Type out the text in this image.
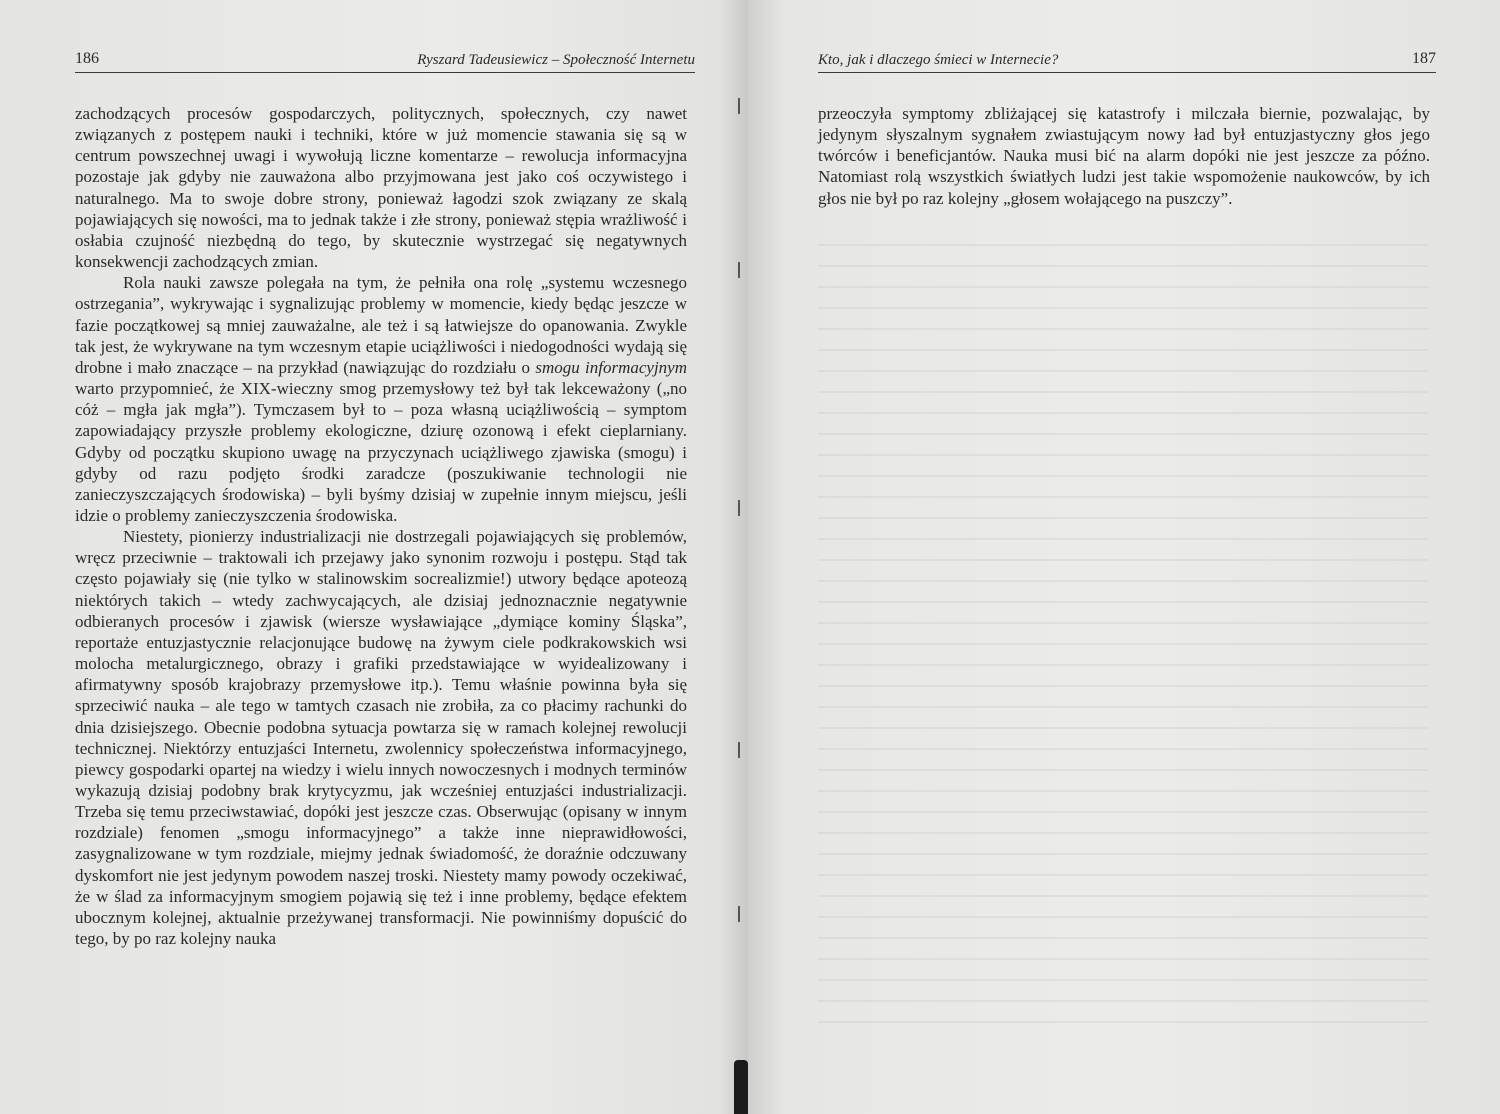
186	Ryszard Tadeusiewicz – Społeczność Internetu

zachodzących procesów gospodarczych, politycznych, społecznych, czy nawet związanych z postępem nauki i techniki, które w już momencie stawania się są w centrum powszechnej uwagi i wywołują liczne komentarze – rewolucja informacyjna pozostaje jak gdyby nie zauważona albo przyjmowana jest jako coś oczywistego i naturalnego. Ma to swoje dobre strony, ponieważ łagodzi szok związany ze skalą pojawiających się nowości, ma to jednak także i złe strony, ponieważ stępia wrażliwość i osłabia czujność niezbędną do tego, by skutecznie wystrzegać się negatywnych konsekwencji zachodzących zmian.

Rola nauki zawsze polegała na tym, że pełniła ona rolę „systemu wczesnego ostrzegania”, wykrywając i sygnalizując problemy w momencie, kiedy będąc jeszcze w fazie początkowej są mniej zauważalne, ale też i są łatwiejsze do opanowania. Zwykle tak jest, że wykrywane na tym wczesnym etapie uciążliwości i niedogodności wydają się drobne i mało znaczące – na przykład (nawiązując do rozdziału o smogu informacyjnym warto przypomnieć, że XIX-wieczny smog przemysłowy też był tak lekceważony („no cóż – mgła jak mgła”). Tymczasem był to – poza własną uciążliwością – symptom zapowiadający przyszłe problemy ekologiczne, dziurę ozonową i efekt cieplarniany. Gdyby od początku skupiono uwagę na przyczynach uciążliwego zjawiska (smogu) i gdyby od razu podjęto środki zaradcze (poszukiwanie technologii nie zanieczyszczających środowiska) – byli byśmy dzisiaj w zupełnie innym miejscu, jeśli idzie o problemy zanieczyszczenia środowiska.

Niestety, pionierzy industrializacji nie dostrzegali pojawiających się problemów, wręcz przeciwnie – traktowali ich przejawy jako synonim rozwoju i postępu. Stąd tak często pojawiały się (nie tylko w stalinowskim socrealizmie!) utwory będące apoteozą niektórych takich – wtedy zachwycających, ale dzisiaj jednoznacznie negatywnie odbieranych procesów i zjawisk (wiersze wysławiające „dymiące kominy Śląska”, reportaże entuzjastycznie relacjonujące budowę na żywym ciele podkrakowskich wsi molocha metalurgicznego, obrazy i grafiki przedstawiające w wyidealizowany i afirmatywny sposób krajobrazy przemysłowe itp.). Temu właśnie powinna była się sprzeciwić nauka – ale tego w tamtych czasach nie zrobiła, za co płacimy rachunki do dnia dzisiejszego. Obecnie podobna sytuacja powtarza się w ramach kolejnej rewolucji technicznej. Niektórzy entuzjaści Internetu, zwolennicy społeczeństwa informacyjnego, piewcy gospodarki opartej na wiedzy i wielu innych nowoczesnych i modnych terminów wykazują dzisiaj podobny brak krytycyzmu, jak wcześniej entuzjaści industrializacji. Trzeba się temu przeciwstawiać, dopóki jest jeszcze czas. Obserwując (opisany w innym rozdziale) fenomen „smogu informacyjnego” a także inne nieprawidłowości, zasygnalizowane w tym rozdziale, miejmy jednak świadomość, że doraźnie odczuwany dyskomfort nie jest jedynym powodem naszej troski. Niestety mamy powody oczekiwać, że w ślad za informacyjnym smogiem pojawią się też i inne problemy, będące efektem ubocznym kolejnej, aktualnie przeżywanej transformacji. Nie powinniśmy dopuścić do tego, by po raz kolejny nauka

Kto, jak i dlaczego śmieci w Internecie?	187

przeoczyła symptomy zbliżającej się katastrofy i milczała biernie, pozwalając, by jedynym słyszalnym sygnałem zwiastującym nowy ład był entuzjastyczny głos jego twórców i beneficjantów. Nauka musi bić na alarm dopóki nie jest jeszcze za późno. Natomiast rolą wszystkich światłych ludzi jest takie wspomożenie naukowców, by ich głos nie był po raz kolejny „głosem wołającego na puszczy”.
